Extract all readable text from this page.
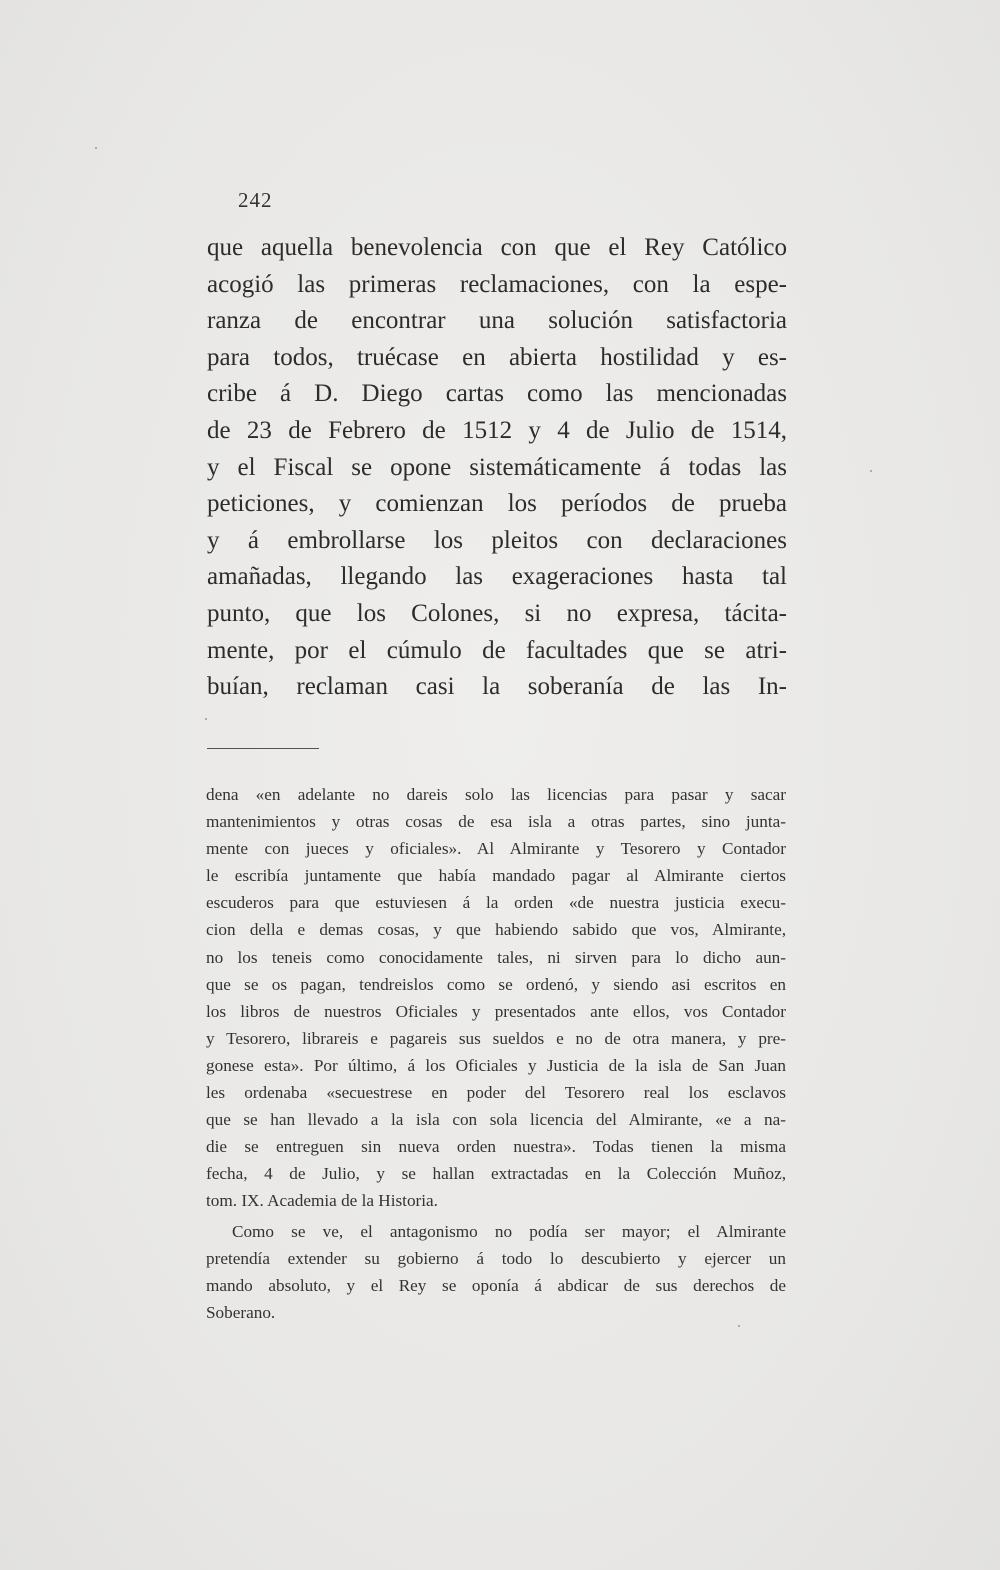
242
que aquella benevolencia con que el Rey Católico
acogió las primeras reclamaciones, con la espe-
ranza de encontrar una solución satisfactoria
para todos, truécase en abierta hostilidad y es-
cribe á D. Diego cartas como las mencionadas
de 23 de Febrero de 1512 y 4 de Julio de 1514,
y el Fiscal se opone sistemáticamente á todas las
peticiones, y comienzan los períodos de prueba
y á embrollarse los pleitos con declaraciones
amañadas, llegando las exageraciones hasta tal
punto, que los Colones, si no expresa, tácita-
mente, por el cúmulo de facultades que se atri-
buían, reclaman casi la soberanía de las In-
dena «en adelante no dareis solo las licencias para pasar y sacar
mantenimientos y otras cosas de esa isla a otras partes, sino junta-
mente con jueces y oficiales». Al Almirante y Tesorero y Contador
le escribía juntamente que había mandado pagar al Almirante ciertos
escuderos para que estuviesen á la orden «de nuestra justicia execu-
cion della e demas cosas, y que habiendo sabido que vos, Almirante,
no los teneis como conocidamente tales, ni sirven para lo dicho aun-
que se os pagan, tendreislos como se ordenó, y siendo asi escritos en
los libros de nuestros Oficiales y presentados ante ellos, vos Contador
y Tesorero, librareis e pagareis sus sueldos e no de otra manera, y pre-
gonese esta». Por último, á los Oficiales y Justicia de la isla de San Juan
les ordenaba «secuestrese en poder del Tesorero real los esclavos
que se han llevado a la isla con sola licencia del Almirante, «e a na-
die se entreguen sin nueva orden nuestra». Todas tienen la misma
fecha, 4 de Julio, y se hallan extractadas en la Colección Muñoz,
tom. IX. Academia de la Historia.
Como se ve, el antagonismo no podía ser mayor; el Almirante
pretendía extender su gobierno á todo lo descubierto y ejercer un
mando absoluto, y el Rey se oponía á abdicar de sus derechos de
Soberano.
